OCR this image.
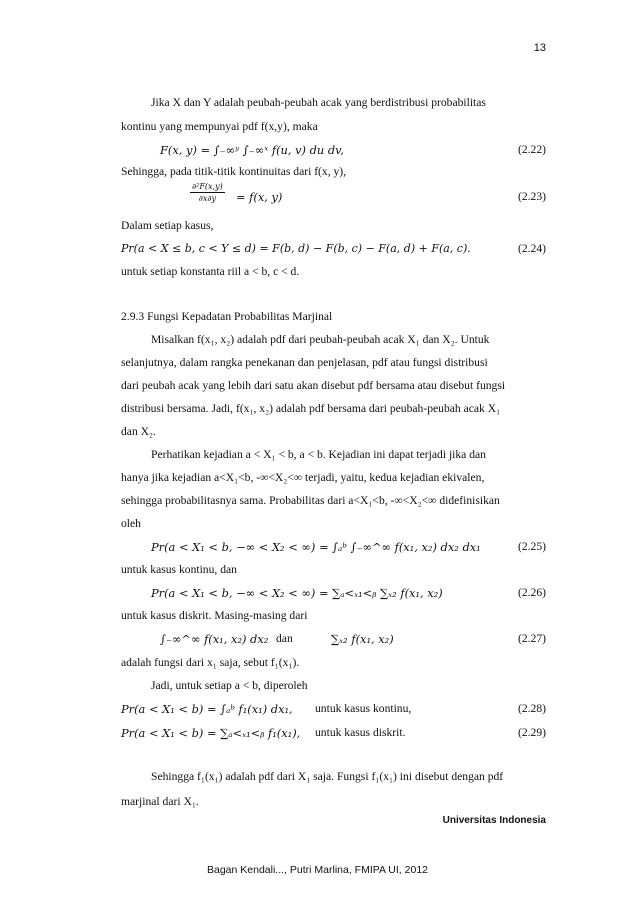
13
Jika X dan Y adalah peubah-peubah acak yang berdistribusi probabilitas
kontinu yang mempunyai pdf f(x,y), maka
F(x, y) = ∫₋∞ʸ ∫₋∞ˣ f(u, v) du dv,	(2.22)
Sehingga, pada titik-titik kontinuitas dari f(x, y),
∂²F(x,y)
∂x∂y	= f(x, y)	(2.23)
Dalam setiap kasus,
Pr(a < X ≤ b, c < Y ≤ d) = F(b, d) − F(b, c) − F(a, d) + F(a, c).	(2.24)
untuk setiap konstanta riil a < b, c < d.
2.9.3 Fungsi Kepadatan Probabilitas Marjinal
Misalkan f(x₁, x₂) adalah pdf dari peubah-peubah acak X₁ dan X₂. Untuk
selanjutnya, dalam rangka penekanan dan penjelasan, pdf atau fungsi distribusi
dari peubah acak yang lebih dari satu akan disebut pdf bersama atau disebut fungsi
distribusi bersama. Jadi, f(x₁, x₂) adalah pdf bersama dari peubah-peubah acak X₁
dan X₂.
Perhatikan kejadian a < X₁ < b, a < b. Kejadian ini dapat terjadi jika dan
hanya jika kejadian a<X₁<b, -∞<X₂<∞ terjadi, yaitu, kedua kejadian ekivalen,
sehingga probabilitasnya sama. Probabilitas dari a<X₁<b, -∞<X₂<∞ didefinisikan
oleh
Pr(a < X₁ < b, −∞ < X₂ < ∞) = ∫ₐᵇ ∫₋∞^∞ f(x₁, x₂) dx₂ dx₁	(2.25)
untuk kasus kontinu, dan
Pr(a < X₁ < b, −∞ < X₂ < ∞) = ∑ₐ<ₓ₁<ᵦ ∑ₓ₂ f(x₁, x₂)	(2.26)
untuk kasus diskrit. Masing-masing dari
∫₋∞^∞ f(x₁, x₂) dx₂ dan	∑ₓ₂ f(x₁, x₂)	(2.27)
adalah fungsi dari x₁ saja, sebut f₁(x₁).
Jadi, untuk setiap a < b, diperoleh
Pr(a < X₁ < b) = ∫ₐᵇ f₁(x₁) dx₁, untuk kasus kontinu,	(2.28)
Pr(a < X₁ < b) = ∑ₐ<ₓ₁<ᵦ f₁(x₁), untuk kasus diskrit.	(2.29)
Sehingga f₁(x₁) adalah pdf dari X₁ saja. Fungsi f₁(x₁) ini disebut dengan pdf
marjinal dari X₁.
Universitas Indonesia
Bagan Kendali..., Putri Marlina, FMIPA UI, 2012
